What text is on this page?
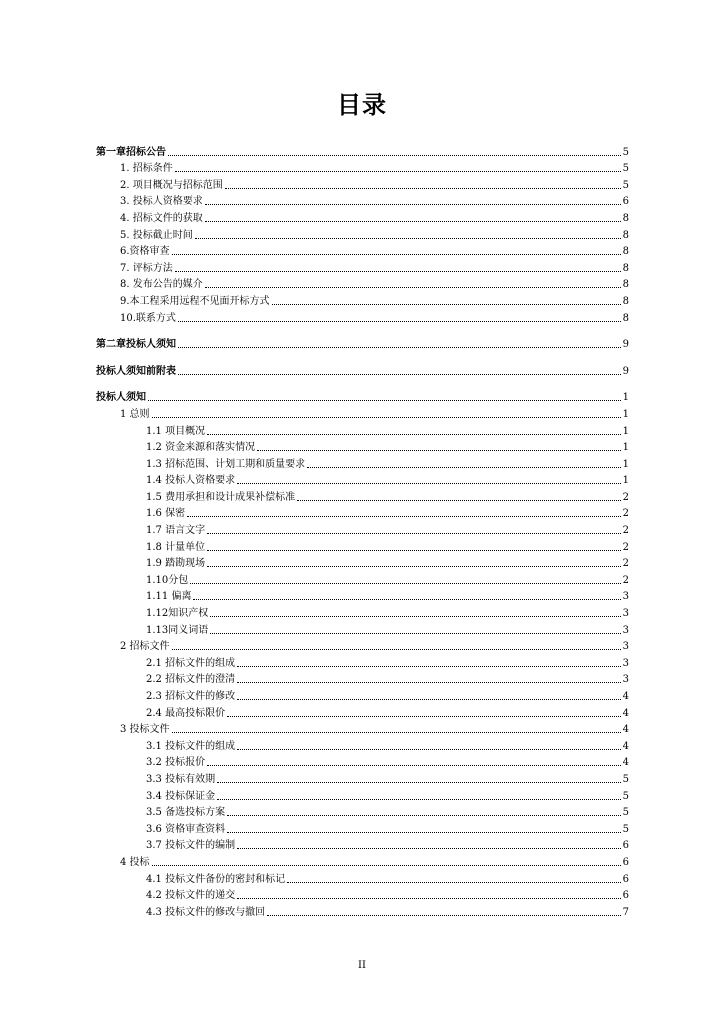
目录
第一章招标公告	5
1. 招标条件	5
2. 项目概况与招标范围	5
3. 投标人资格要求	6
4. 招标文件的获取	8
5. 投标截止时间	8
6.资格审查	8
7. 评标方法	8
8. 发布公告的媒介	8
9.本工程采用远程不见面开标方式	8
10.联系方式	8
第二章投标人须知	9
投标人须知前附表	9
投标人须知	1
1 总则	1
1.1 项目概况	1
1.2 资金来源和落实情况	1
1.3 招标范围、计划工期和质量要求	1
1.4 投标人资格要求	1
1.5 费用承担和设计成果补偿标准	2
1.6 保密	2
1.7 语言文字	2
1.8 计量单位	2
1.9 踏勘现场	2
1.10分包	2
1.11 偏离	3
1.12知识产权	3
1.13同义词语	3
2 招标文件	3
2.1 招标文件的组成	3
2.2 招标文件的澄清	3
2.3 招标文件的修改	4
2.4 最高投标限价	4
3 投标文件	4
3.1 投标文件的组成	4
3.2 投标报价	4
3.3 投标有效期	5
3.4 投标保证金	5
3.5 备选投标方案	5
3.6 资格审查资料	5
3.7 投标文件的编制	6
4 投标	6
4.1 投标文件备份的密封和标记	6
4.2 投标文件的递交	6
4.3 投标文件的修改与撤回	7
II
